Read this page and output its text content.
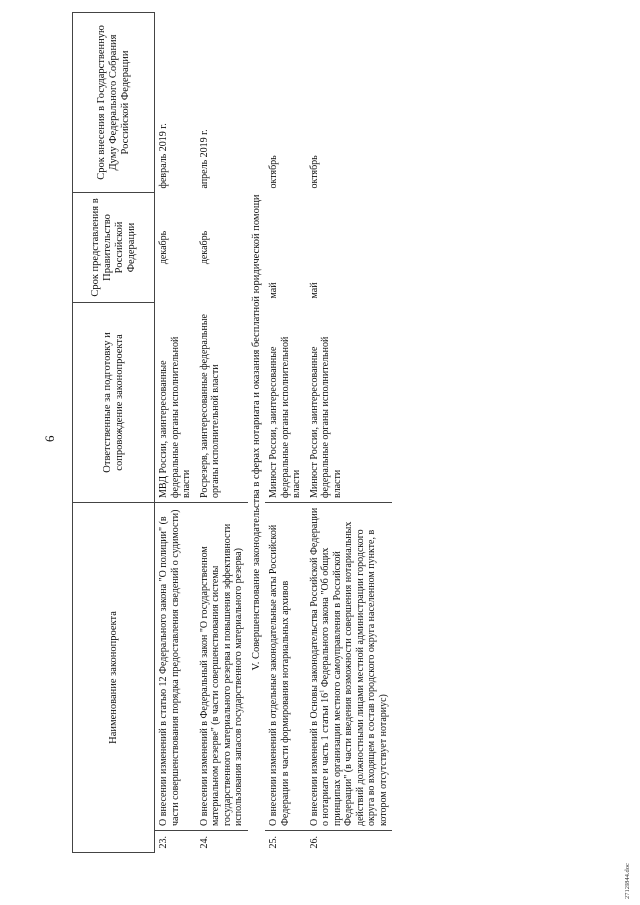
6
Наименование законопроекта		Ответственные за подготовку и сопровождение законопроекта	Срок представления в Правительство Российской Федерации	Срок внесения в Государственную Думу Федерального Собрания Российской Федерации
23.	О внесении изменений в статью 12 Федерального закона "О полиции" (в части совершенствования порядка предоставления сведений о судимости)	МВД России, заинтересованные федеральные органы исполнительной власти	декабрь	февраль 2019 г.
24.	О внесении изменений в Федеральный закон "О государственном материальном резерве" (в части совершенствования системы государственного материального резерва и повышения эффективности использования запасов государственного материального резерва)	Росрезерв, заинтересованные федеральные органы исполнительной власти	декабрь	апрель 2019 г.
V. Совершенствование законодательства в сферах нотариата и оказания бесплатной юридической помощи				
25.	О внесении изменений в отдельные законодательные акты Российской Федерации в части формирования нотариальных архивов	Минюст России, заинтересованные федеральные органы исполнительной власти	май	октябрь
26.	О внесении изменений в Основы законодательства Российской Федерации о нотариате и часть 1 статьи $16^1$ Федерального закона "Об общих принципах организации местного самоуправления в Российской Федерации" (в части введения возможности совершения нотариальных действий должностными лицами местной администрации городского округа во входящем в состав городского округа населенном пункте, в котором отсутствует нотариус)	Минюст России, заинтересованные федеральные органы исполнительной власти	май	октябрь
2712I844.doc
